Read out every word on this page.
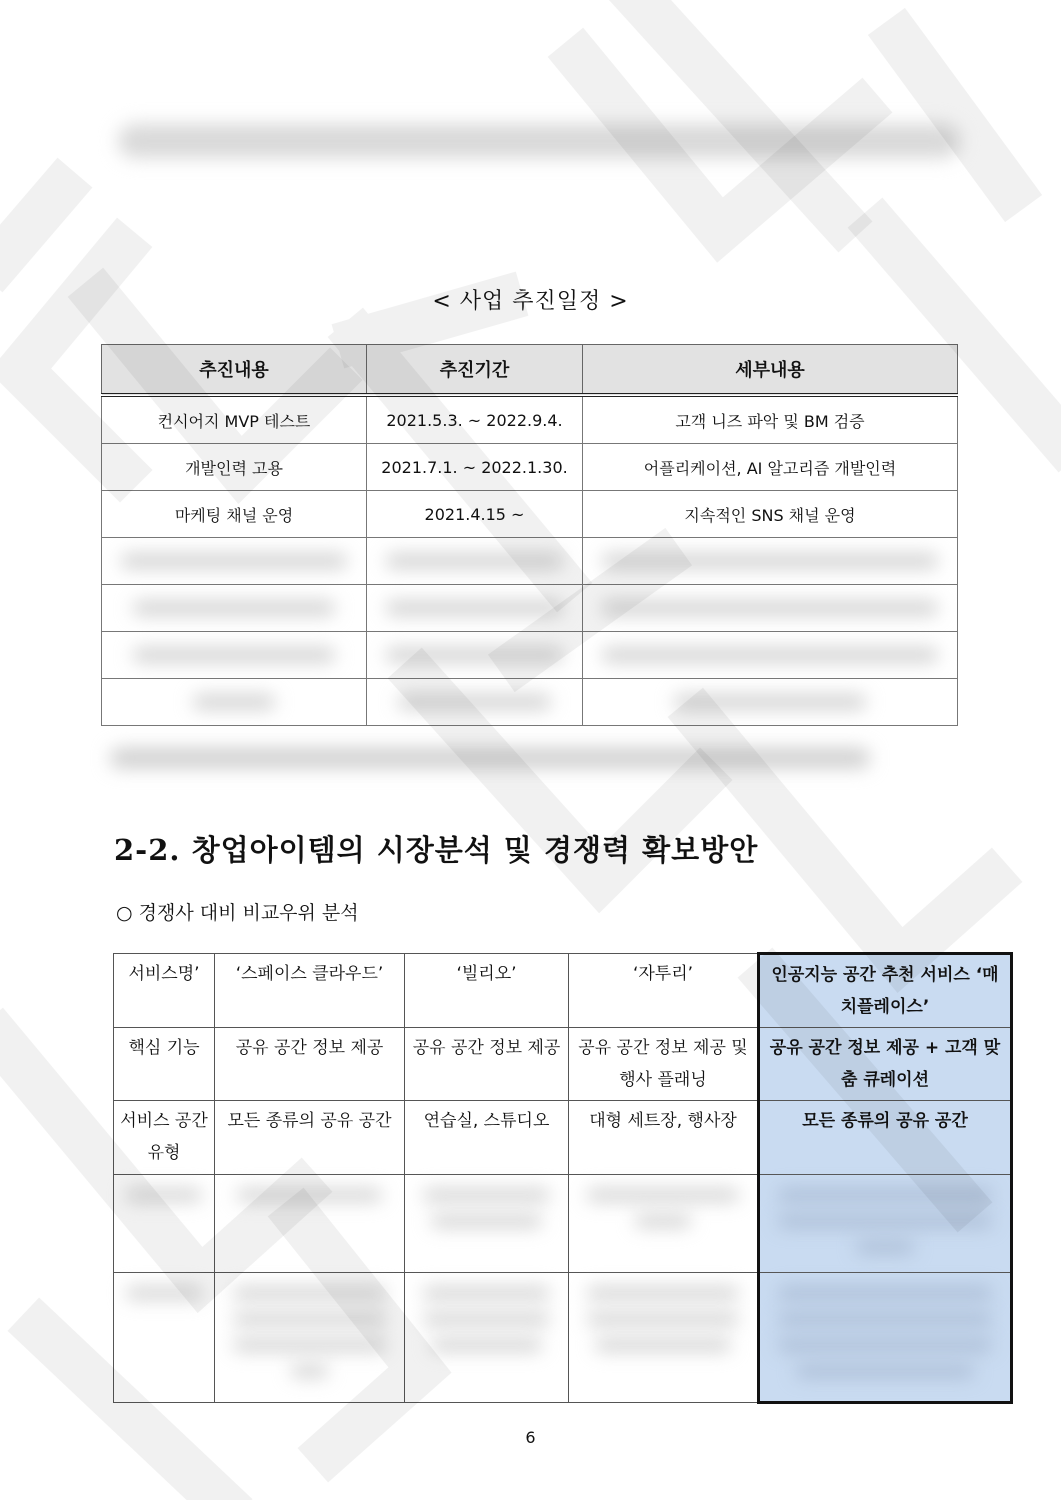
< 사업 추진일정 >
추진내용	추진기간	세부내용
컨시어지 MVP 테스트	2021.5.3. ~ 2022.9.4.	고객 니즈 파악 및 BM 검증
개발인력 고용	2021.7.1. ~ 2022.1.30.	어플리케이션, AI 알고리즘 개발인력
마케팅 채널 운영	2021.4.15 ~	지속적인 SNS 채널 운영

2-2. 창업아이템의 시장분석 및 경쟁력 확보방안
○ 경쟁사 대비 비교우위 분석
서비스명’	‘스페이스 클라우드’	‘빌리오’	‘자투리’	인공지능 공간 추천 서비스 ‘매치플레이스’
핵심 기능	공유 공간 정보 제공	공유 공간 정보 제공	공유 공간 정보 제공 및 행사 플래닝	공유 공간 정보 제공 + 고객 맞춤 큐레이션
서비스 공간 유형	모든 종류의 공유 공간	연습실, 스튜디오	대형 세트장, 행사장	모든 종류의 공유 공간

6
